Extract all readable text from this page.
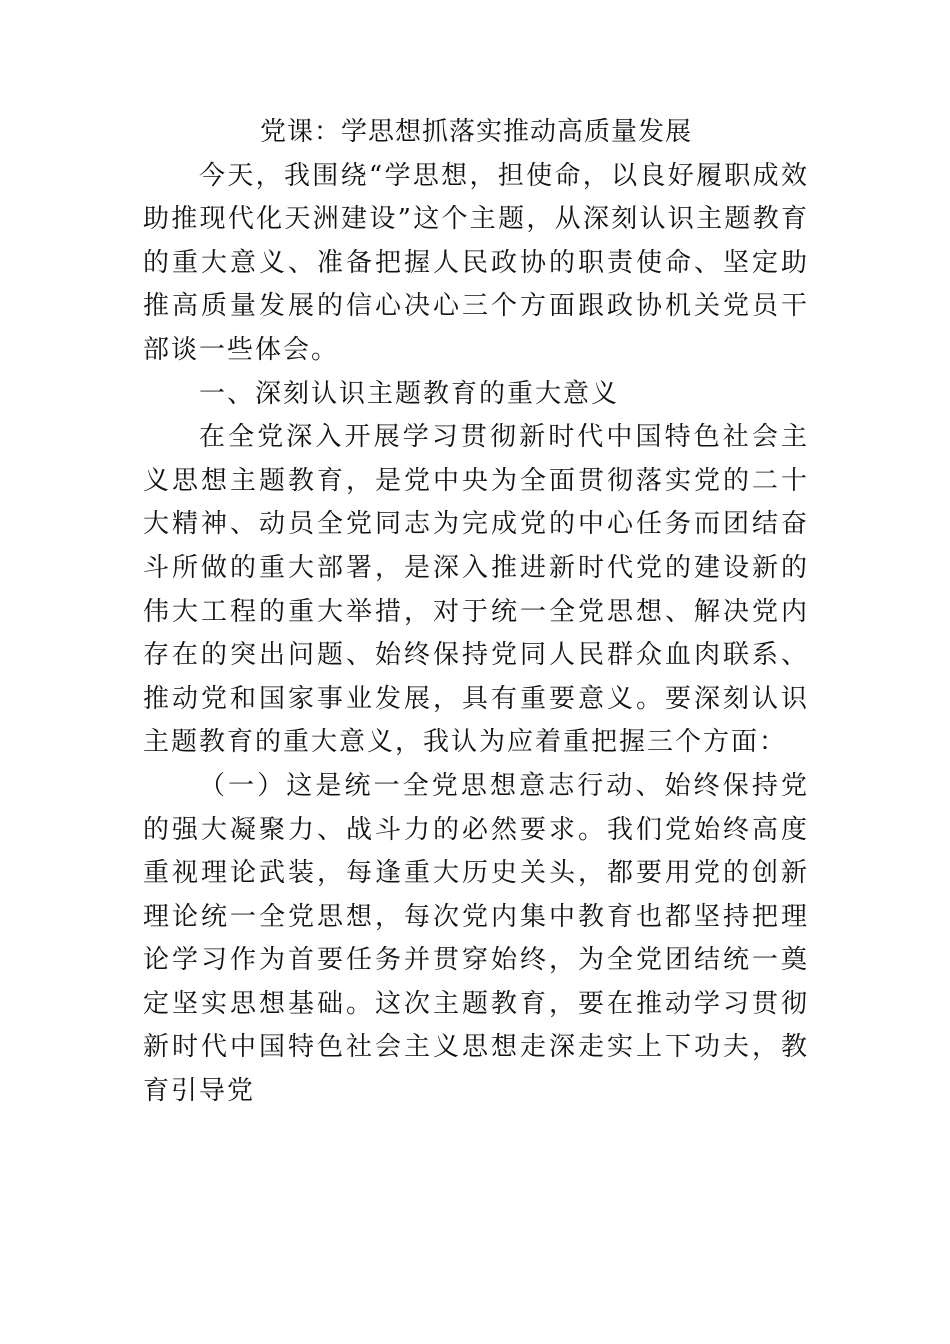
党课：学思想抓落实推动高质量发展

今天，我围绕“学思想，担使命，以良好履职成效助推现代化天洲建设”这个主题，从深刻认识主题教育的重大意义、准备把握人民政协的职责使命、坚定助推高质量发展的信心决心三个方面跟政协机关党员干部谈一些体会。

一、深刻认识主题教育的重大意义

在全党深入开展学习贯彻新时代中国特色社会主义思想主题教育，是党中央为全面贯彻落实党的二十大精神、动员全党同志为完成党的中心任务而团结奋斗所做的重大部署，是深入推进新时代党的建设新的伟大工程的重大举措，对于统一全党思想、解决党内存在的突出问题、始终保持党同人民群众血肉联系、推动党和国家事业发展，具有重要意义。要深刻认识主题教育的重大意义，我认为应着重把握三个方面：

（一）这是统一全党思想意志行动、始终保持党的强大凝聚力、战斗力的必然要求。我们党始终高度重视理论武装，每逢重大历史关头，都要用党的创新理论统一全党思想，每次党内集中教育也都坚持把理论学习作为首要任务并贯穿始终，为全党团结统一奠定坚实思想基础。这次主题教育，要在推动学习贯彻新时代中国特色社会主义思想走深走实上下功夫，教育引导党
